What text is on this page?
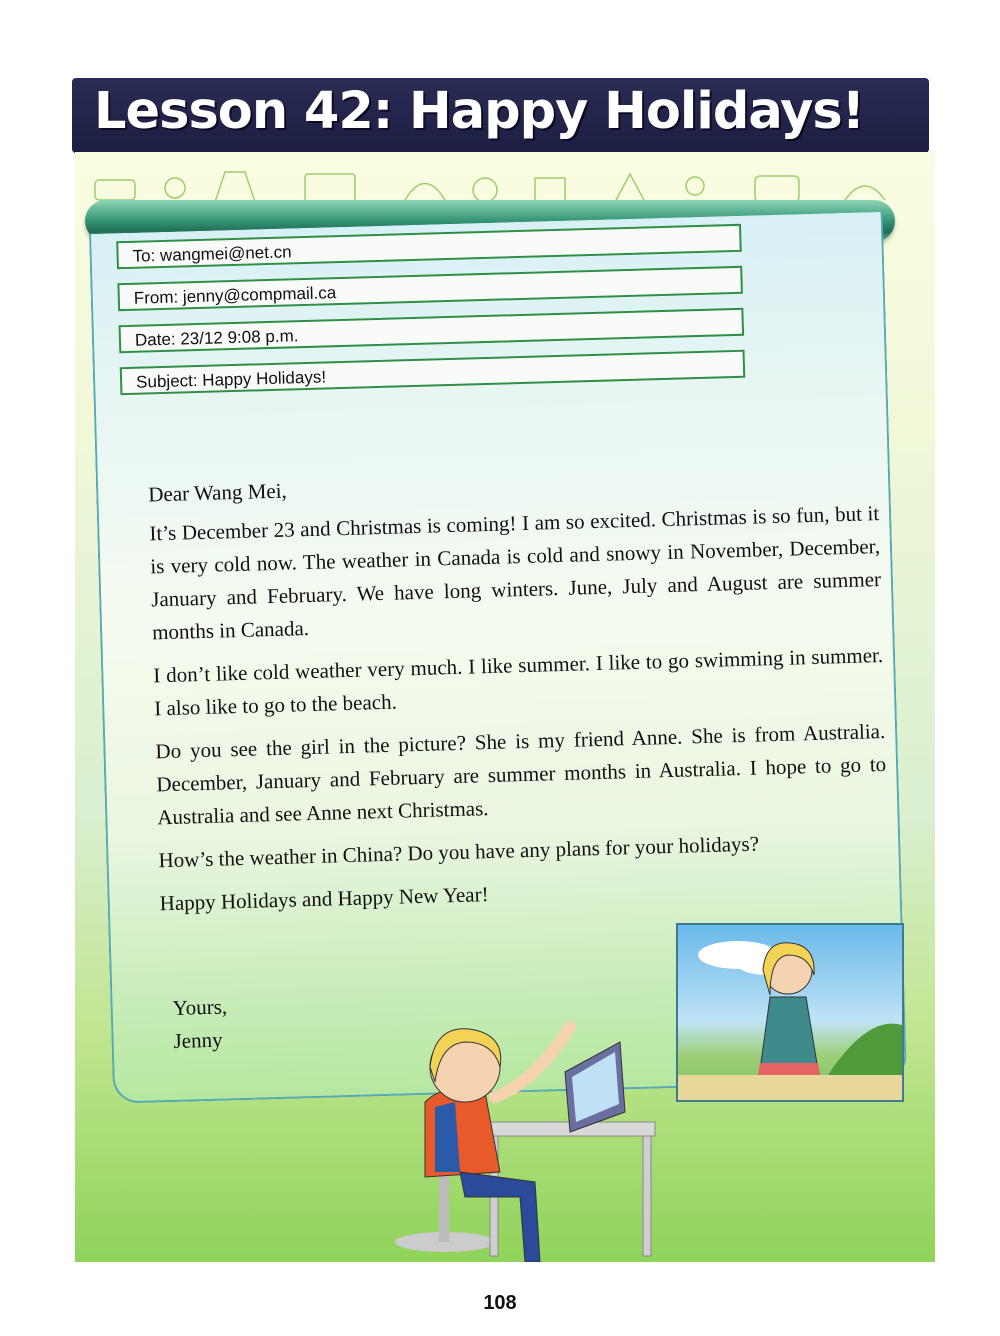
Lesson 42: Happy Holidays!
To: wangmei@net.cn
From: jenny@compmail.ca
Date: 23/12 9:08 p.m.
Subject: Happy Holidays!
Dear Wang Mei,

It’s December 23 and Christmas is coming! I am so excited. Christmas is so fun, but it is very cold now. The weather in Canada is cold and snowy in November, December, January and February. We have long winters. June, July and August are summer months in Canada.

I don’t like cold weather very much. I like summer. I like to go swimming in summer. I also like to go to the beach.

Do you see the girl in the picture? She is my friend Anne. She is from Australia. December, January and February are summer months in Australia. I hope to go to Australia and see Anne next Christmas.

How’s the weather in China? Do you have any plans for your holidays?

Happy Holidays and Happy New Year!

Yours,
Jenny
108
